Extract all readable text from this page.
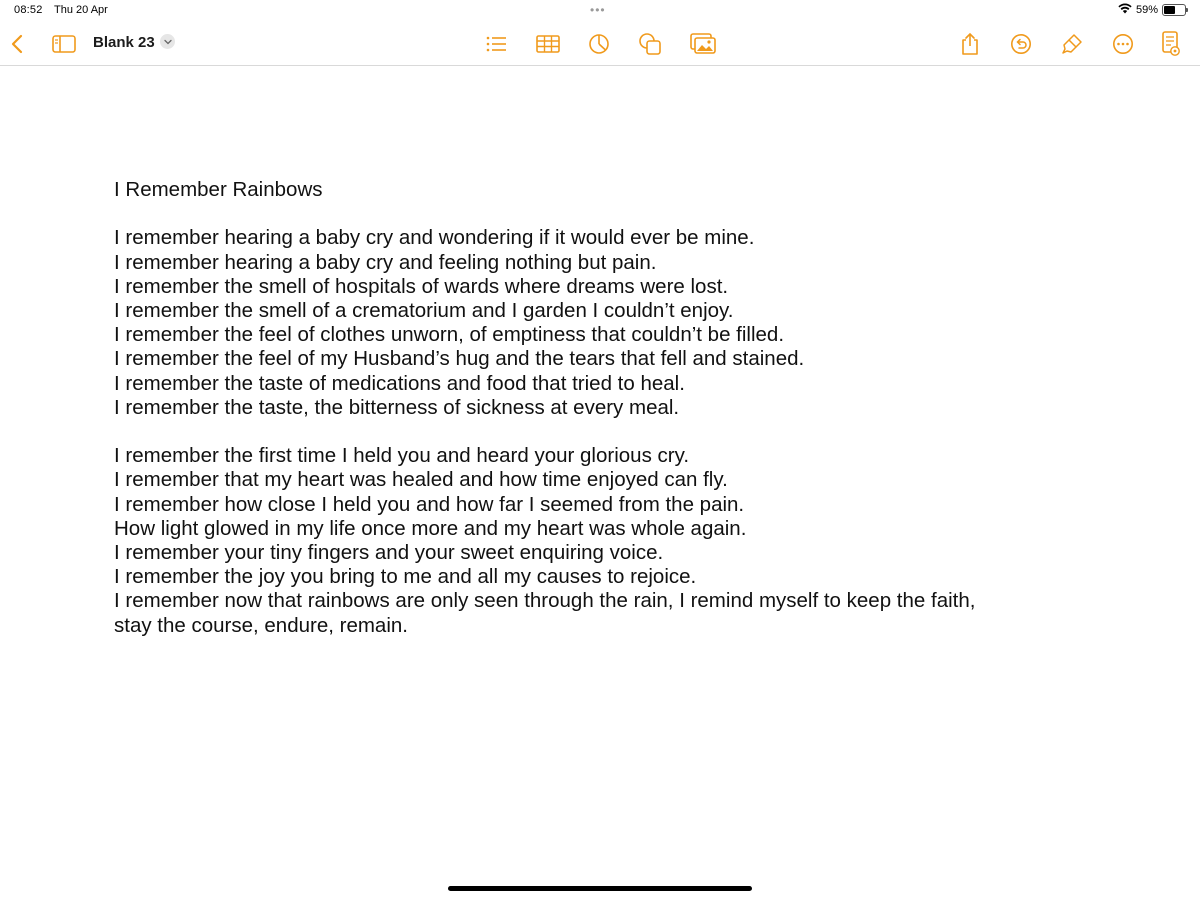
08:52 Thu 20 Apr	•••	59%
Blank 23

I Remember Rainbows

I remember hearing a baby cry and wondering if it would ever be mine.

I remember hearing a baby cry and feeling nothing but pain.

I remember the smell of hospitals of wards where dreams were lost.

I remember the smell of a crematorium and I garden I couldn’t enjoy.

I remember the feel of clothes unworn, of emptiness that couldn’t be filled.

I remember the feel of my Husband’s hug and the tears that fell and stained.

I remember the taste of medications and food that tried to heal.

I remember the taste, the bitterness of sickness at every meal.

I remember the first time I held you and heard your glorious cry.

I remember that my heart was healed and how time enjoyed can fly.

I remember how close I held you and how far I seemed from the pain.

How light glowed in my life once more and my heart was whole again.

I remember your tiny fingers and your sweet enquiring voice.

I remember the joy you bring to me and all my causes to rejoice.

I remember now that rainbows are only seen through the rain, I remind myself to keep the faith,

stay the course, endure, remain.
